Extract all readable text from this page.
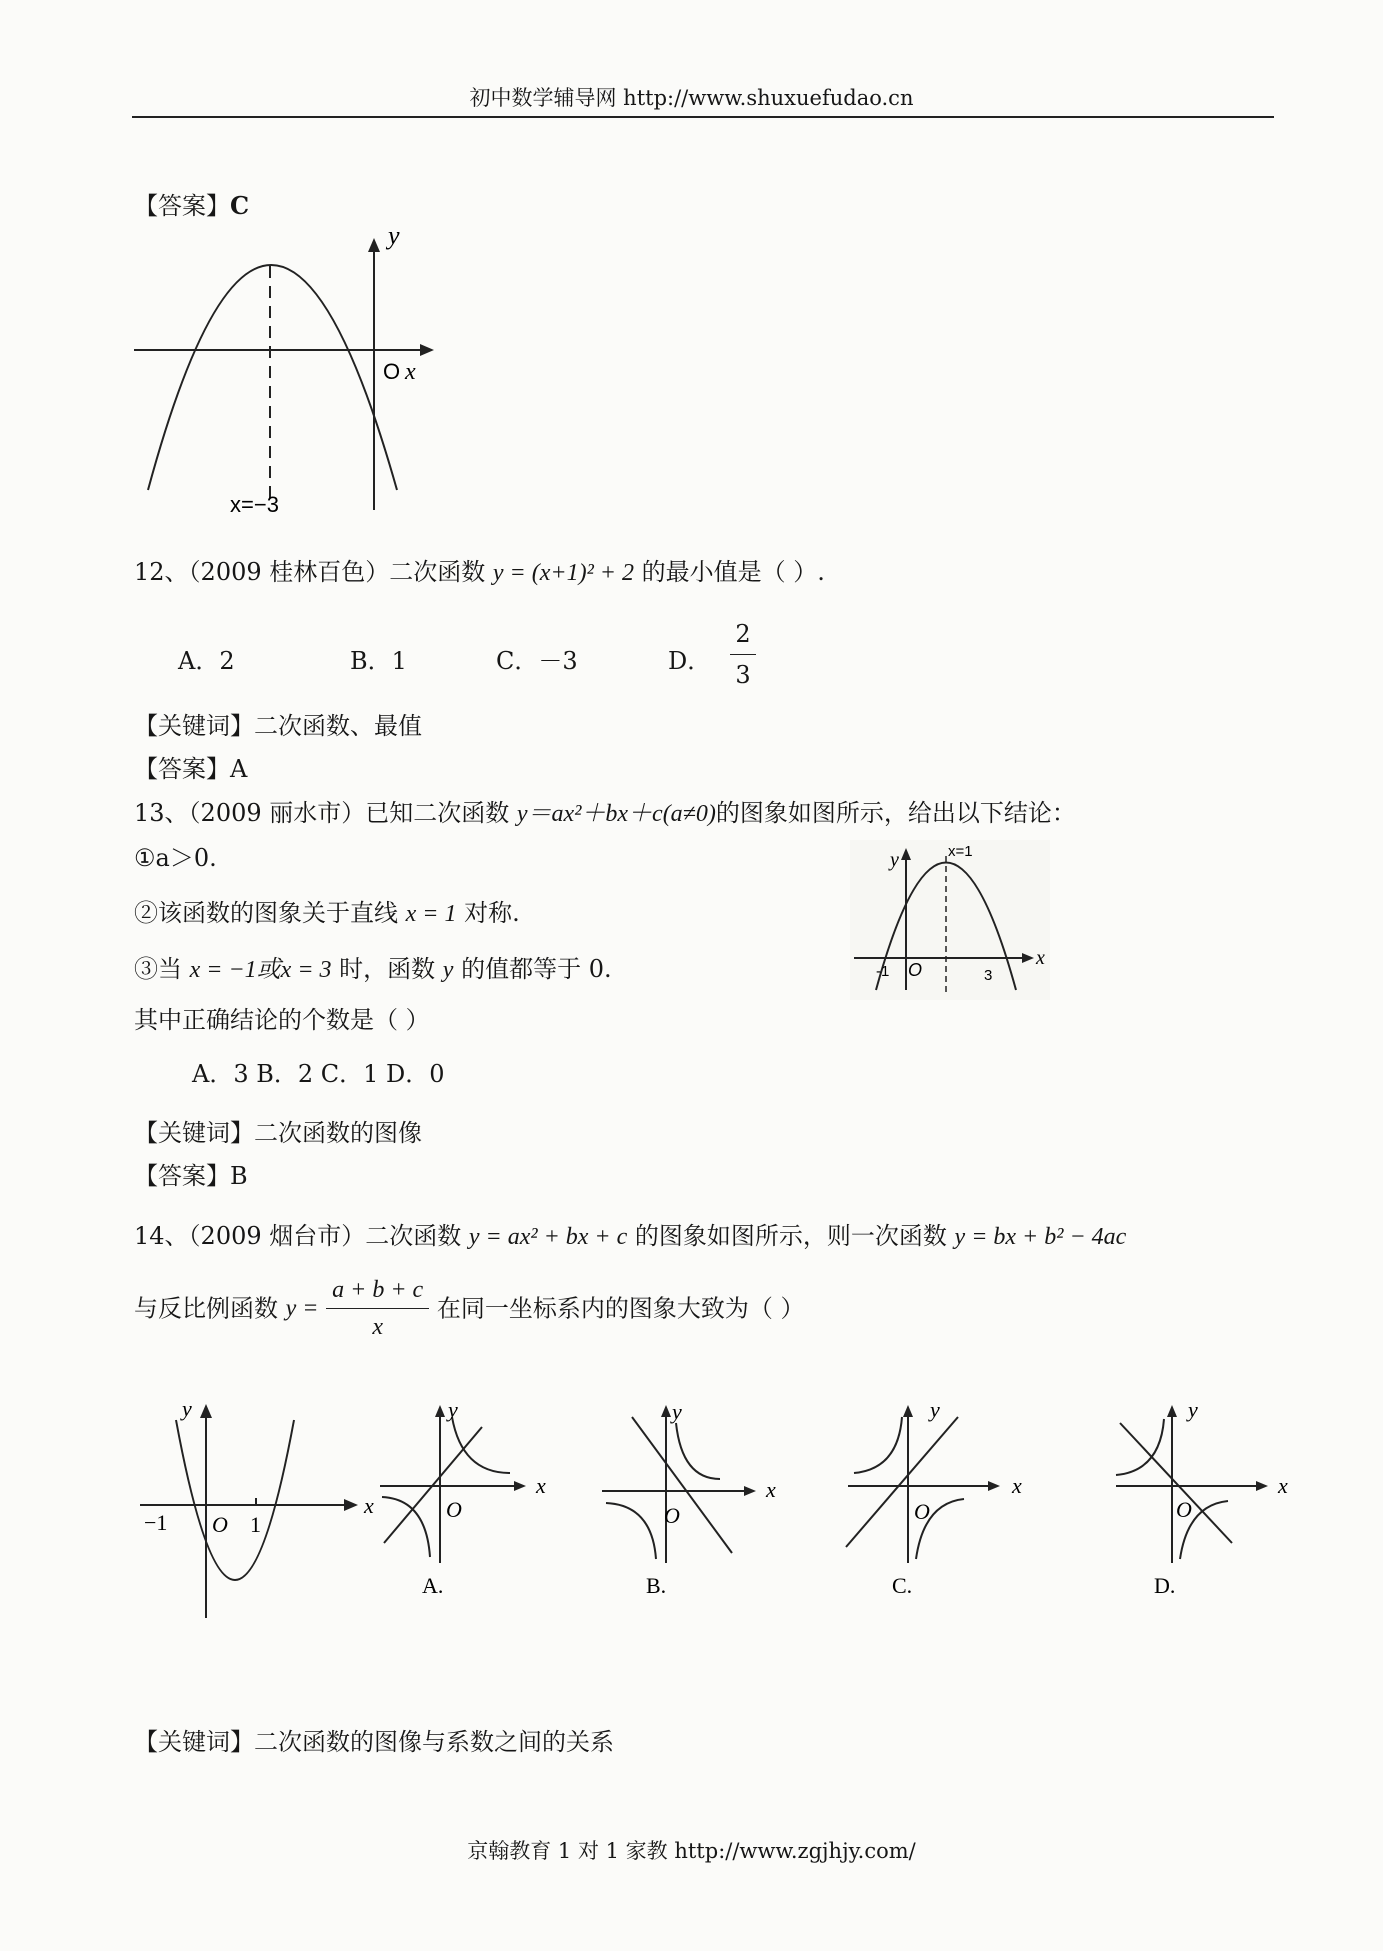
初中数学辅导网 http://www.shuxuefudao.cn
【答案】C
y
O x
x=−3
12、（2009 桂林百色）二次函数 y = (x+1)² + 2 的最小值是（ ）.
A．2	B．1	C．－3	D．
2
3
【关键词】二次函数、最值
【答案】A
13、（2009 丽水市）已知二次函数 y＝ax²＋bx＋c(a≠0)的图象如图所示，给出以下结论：
①a＞0.
②该函数的图象关于直线 x = 1 对称.
③当 x = −1或x = 3 时，函数 y 的值都等于 0.
其中正确结论的个数是（ ）
A．3 B．2 C．1 D．0
【关键词】二次函数的图像
【答案】B
y	x=1
-1 O	3
x
14、（2009 烟台市）二次函数 y = ax² + bx + c 的图象如图所示，则一次函数 y = bx + b² − 4ac
与反比例函数 $y = \frac{a + b + c}{x}$ 在同一坐标系内的图象大致为（ ）
y
−1 O 1
y
x
x	O
A.
y
x
O
B.
y
x
O
C.
y
x
O
D.
【关键词】二次函数的图像与系数之间的关系
京翰教育 1 对 1 家教 http://www.zgjhjy.com/
